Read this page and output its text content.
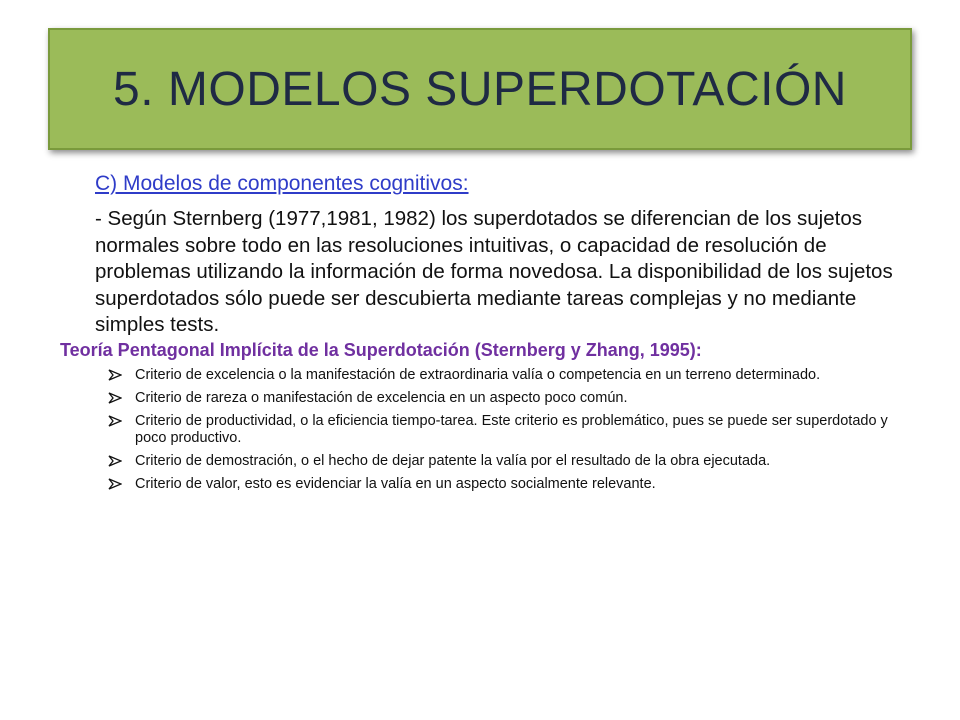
5. MODELOS SUPERDOTACIÓN
C) Modelos de componentes cognitivos:
- Según Sternberg (1977,1981, 1982) los superdotados se diferencian de los sujetos normales sobre todo en las resoluciones intuitivas, o capacidad de resolución de problemas utilizando la información de forma novedosa. La disponibilidad de los sujetos superdotados sólo puede ser descubierta mediante tareas complejas y no mediante simples tests.
Teoría Pentagonal Implícita de la Superdotación (Sternberg y Zhang, 1995):
Criterio de excelencia o la manifestación de extraordinaria valía o competencia en un terreno determinado.
Criterio de rareza o manifestación de excelencia en un aspecto poco común.
Criterio de productividad, o la eficiencia tiempo-tarea. Este criterio es problemático, pues se puede ser superdotado y poco productivo.
Criterio de demostración, o el hecho de dejar patente la valía por el resultado de la obra ejecutada.
Criterio de valor, esto es evidenciar la valía en un aspecto socialmente relevante.
